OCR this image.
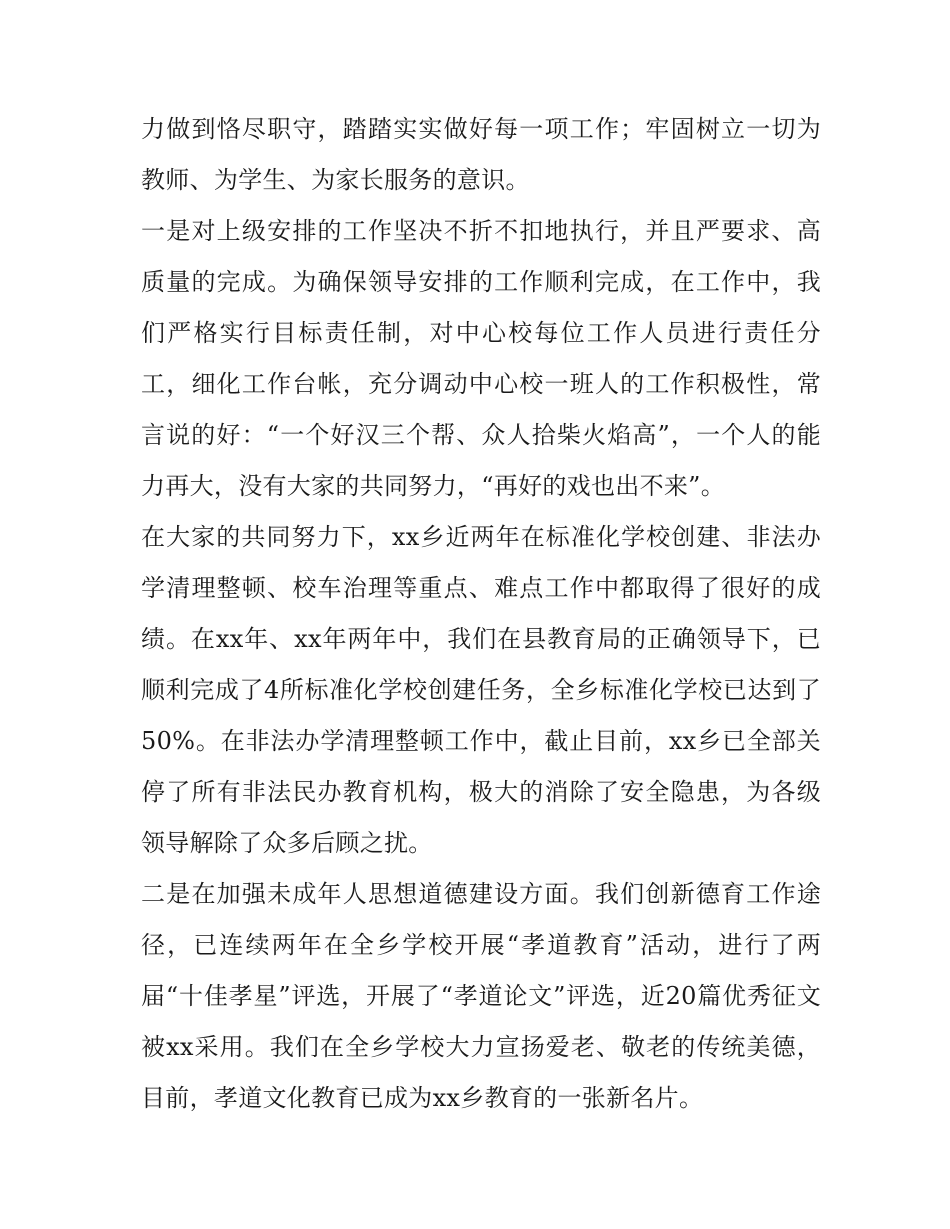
力做到恪尽职守，踏踏实实做好每一项工作；牢固树立一切为教师、为学生、为家长服务的意识。

一是对上级安排的工作坚决不折不扣地执行，并且严要求、高质量的完成。为确保领导安排的工作顺利完成，在工作中，我们严格实行目标责任制，对中心校每位工作人员进行责任分工，细化工作台帐，充分调动中心校一班人的工作积极性，常言说的好：“一个好汉三个帮、众人拾柴火焰高”，一个人的能力再大，没有大家的共同努力，“再好的戏也出不来”。

在大家的共同努力下，xx乡近两年在标准化学校创建、非法办学清理整顿、校车治理等重点、难点工作中都取得了很好的成绩。在xx年、xx年两年中，我们在县教育局的正确领导下，已顺利完成了4所标准化学校创建任务，全乡标准化学校已达到了50%。在非法办学清理整顿工作中，截止目前，xx乡已全部关停了所有非法民办教育机构，极大的消除了安全隐患，为各级领导解除了众多后顾之扰。

二是在加强未成年人思想道德建设方面。我们创新德育工作途径，已连续两年在全乡学校开展“孝道教育”活动，进行了两届“十佳孝星”评选，开展了“孝道论文”评选，近20篇优秀征文被xx采用。我们在全乡学校大力宣扬爱老、敬老的传统美德，目前，孝道文化教育已成为xx乡教育的一张新名片。
